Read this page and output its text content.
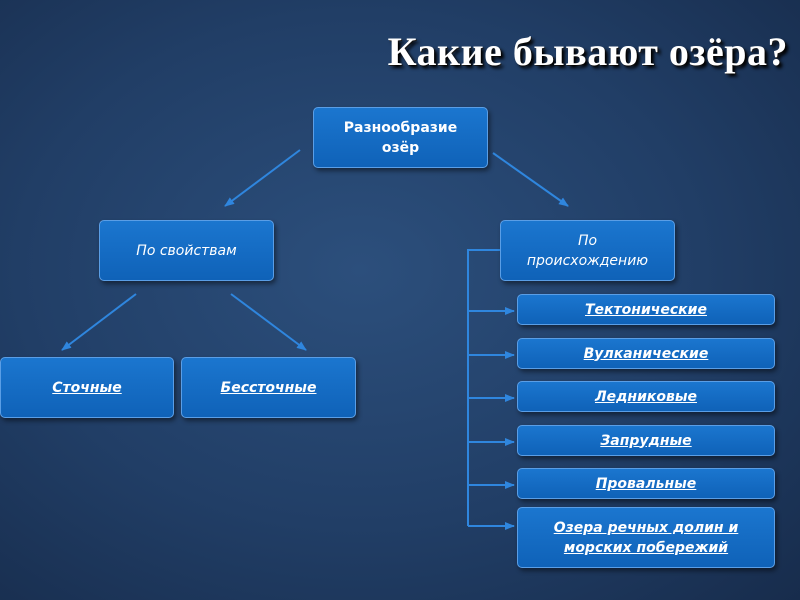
Какие бывают озёра?
Разнообразие
озёр
По свойствам
По
происхождению
Сточные	Бессточные
Тектонические
Вулканические
Ледниковые
Запрудные
Провальные
Озера речных долин и
морских побережий
